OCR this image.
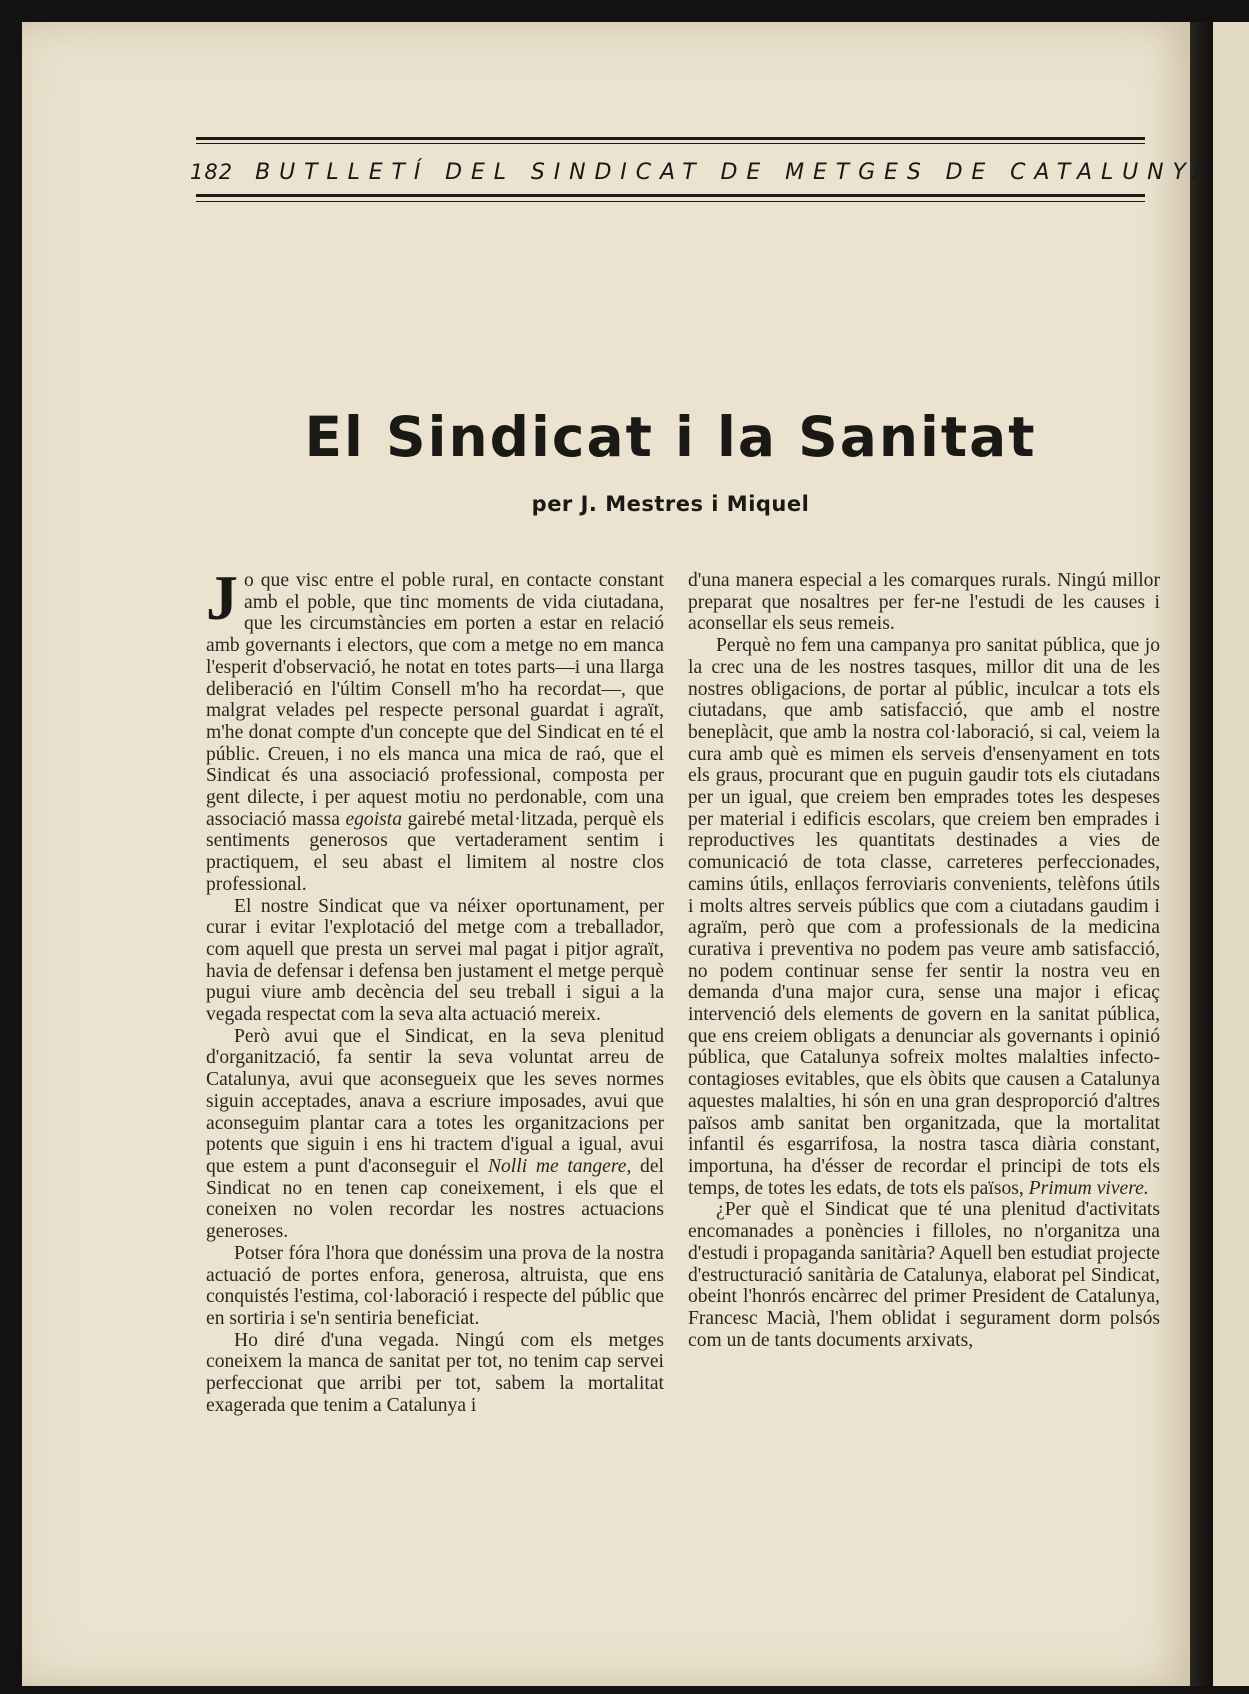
182 BUTLLETÍ DEL SINDICAT DE METGES DE CATALUNYA
El Sindicat i la Sanitat
per J. Mestres i Miquel

Jo que visc entre el poble rural, en contacte constant amb el poble, que tinc moments de vida ciutadana, que les circumstàncies em porten a estar en relació amb governants i electors, que com a metge no em manca l'esperit d'observació, he notat en totes parts—i una llarga deliberació en l'últim Consell m'ho ha recordat—, que malgrat velades pel respecte personal guardat i agraït, m'he donat compte d'un concepte que del Sindicat en té el públic. Creuen, i no els manca una mica de raó, que el Sindicat és una associació professional, composta per gent dilecte, i per aquest motiu no perdonable, com una associació massa egoista gairebé metal·litzada, perquè els sentiments generosos que vertaderament sentim i practiquem, el seu abast el limitem al nostre clos professional.

El nostre Sindicat que va néixer oportunament, per curar i evitar l'explotació del metge com a treballador, com aquell que presta un servei mal pagat i pitjor agraït, havia de defensar i defensa ben justament el metge perquè pugui viure amb decència del seu treball i sigui a la vegada respectat com la seva alta actuació mereix.

Però avui que el Sindicat, en la seva plenitud d'organització, fa sentir la seva voluntat arreu de Catalunya, avui que aconsegueix que les seves normes siguin acceptades, anava a escriure imposades, avui que aconseguim plantar cara a totes les organitzacions per potents que siguin i ens hi tractem d'igual a igual, avui que estem a punt d'aconseguir el Nolli me tangere, del Sindicat no en tenen cap coneixement, i els que el coneixen no volen recordar les nostres actuacions generoses.

Potser fóra l'hora que donéssim una prova de la nostra actuació de portes enfora, generosa, altruista, que ens conquistés l'estima, col·laboració i respecte del públic que en sortiria i se'n sentiria beneficiat.

Ho diré d'una vegada. Ningú com els metges coneixem la manca de sanitat per tot, no tenim cap servei perfeccionat que arribi per tot, sabem la mortalitat exagerada que tenim a Catalunya i

d'una manera especial a les comarques rurals. Ningú millor preparat que nosaltres per fer-ne l'estudi de les causes i aconsellar els seus remeis.

Perquè no fem una campanya pro sanitat pública, que jo la crec una de les nostres tasques, millor dit una de les nostres obligacions, de portar al públic, inculcar a tots els ciutadans, que amb satisfacció, que amb el nostre beneplàcit, que amb la nostra col·laboració, si cal, veiem la cura amb què es mimen els serveis d'ensenyament en tots els graus, procurant que en puguin gaudir tots els ciutadans per un igual, que creiem ben emprades totes les despeses per material i edificis escolars, que creiem ben emprades i reproductives les quantitats destinades a vies de comunicació de tota classe, carreteres perfeccionades, camins útils, enllaços ferroviaris convenients, telèfons útils i molts altres serveis públics que com a ciutadans gaudim i agraïm, però que com a professionals de la medicina curativa i preventiva no podem pas veure amb satisfacció, no podem continuar sense fer sentir la nostra veu en demanda d'una major cura, sense una major i eficaç intervenció dels elements de govern en la sanitat pública, que ens creiem obligats a denunciar als governants i opinió pública, que Catalunya sofreix moltes malalties infecto-contagioses evitables, que els òbits que causen a Catalunya aquestes malalties, hi són en una gran desproporció d'altres països amb sanitat ben organitzada, que la mortalitat infantil és esgarrifosa, la nostra tasca diària constant, importuna, ha d'ésser de recordar el principi de tots els temps, de totes les edats, de tots els països, Primum vivere.

¿Per què el Sindicat que té una plenitud d'activitats encomanades a ponències i filloles, no n'organitza una d'estudi i propaganda sanitària? Aquell ben estudiat projecte d'estructuració sanitària de Catalunya, elaborat pel Sindicat, obeint l'honrós encàrrec del primer President de Catalunya, Francesc Macià, l'hem oblidat i segurament dorm polsós com un de tants documents arxivats,
